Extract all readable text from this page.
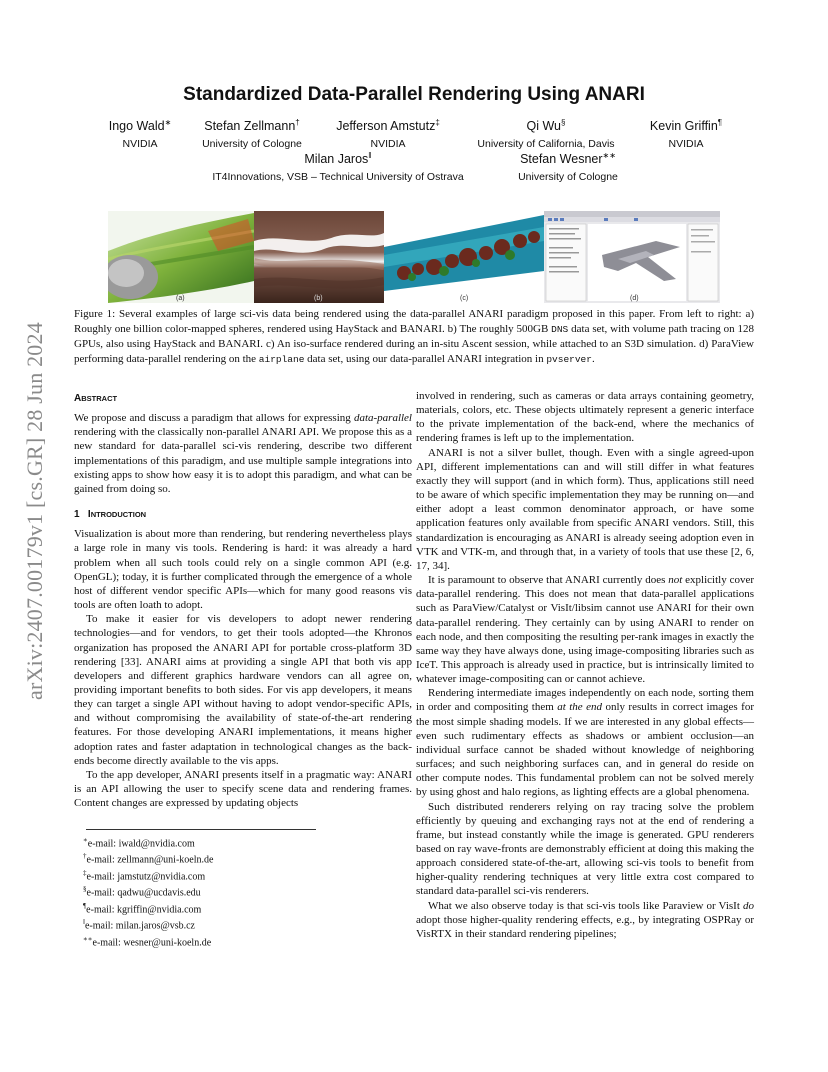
arXiv:2407.00179v1 [cs.GR] 28 Jun 2024
Standardized Data-Parallel Rendering Using ANARI
Ingo Wald∗
NVIDIA
Stefan Zellmann†
University of Cologne
Jefferson Amstutz‡
NVIDIA
Qi Wu§
University of California, Davis
Kevin Griffin¶
NVIDIA
Milan Jaros‖
IT4Innovations, VSB – Technical University of Ostrava
Stefan Wesner∗∗
University of Cologne
(a)	(b)	(c)	(d)
Figure 1: Several examples of large sci-vis data being rendered using the data-parallel ANARI paradigm proposed in this paper. From left to right: a) Roughly one billion color-mapped spheres, rendered using HayStack and BANARI. b) The roughly 500GB DNS data set, with volume path tracing on 128 GPUs, also using HayStack and BANARI. c) An iso-surface rendered during an in-situ Ascent session, while attached to an S3D simulation. d) ParaView performing data-parallel rendering on the airplane data set, using our data-parallel ANARI integration in pvserver.
ABSTRACT

We propose and discuss a paradigm that allows for expressing data-parallel rendering with the classically non-parallel ANARI API. We propose this as a new standard for data-parallel sci-vis rendering, describe two different implementations of this paradigm, and use multiple sample integrations into existing apps to show how easy it is to adopt this paradigm, and what can be gained from doing so.

1 INTRODUCTION

Visualization is about more than rendering, but rendering nevertheless plays a large role in many vis tools. Rendering is hard: it was already a hard problem when all such tools could rely on a single common API (e.g. OpenGL); today, it is further complicated through the emergence of a whole host of different vendor specific APIs—which for many good reasons vis tools are often loath to adopt.

To make it easier for vis developers to adopt newer rendering technologies—and for vendors, to get their tools adopted—the Khronos organization has proposed the ANARI API for portable cross-platform 3D rendering [33]. ANARI aims at providing a single API that both vis app developers and different graphics hardware vendors can all agree on, providing important benefits to both sides. For vis app developers, it means they can target a single API without having to adopt vendor-specific APIs, and without compromising the availability of state-of-the-art rendering features. For those developing ANARI implementations, it means higher adoption rates and faster adaptation in technological changes as the back-ends become directly available to the vis apps.

To the app developer, ANARI presents itself in a pragmatic way: ANARI is an API allowing the user to specify scene data and rendering frames. Content changes are expressed by updating objects

∗e-mail: iwald@nvidia.com
†e-mail: zellmann@uni-koeln.de
‡e-mail: jamstutz@nvidia.com
§e-mail: qadwu@ucdavis.edu
¶e-mail: kgriffin@nvidia.com
‖e-mail: milan.jaros@vsb.cz
∗∗e-mail: wesner@uni-koeln.de

involved in rendering, such as cameras or data arrays containing geometry, materials, colors, etc. These objects ultimately represent a generic interface to the private implementation of the back-end, where the mechanics of rendering frames is left up to the implementation.

ANARI is not a silver bullet, though. Even with a single agreed-upon API, different implementations can and will still differ in what features exactly they will support (and in which form). Thus, applications still need to be aware of which specific implementation they may be running on—and either adopt a least common denominator approach, or have some application features only available from specific ANARI vendors. Still, this standardization is encouraging as ANARI is already seeing adoption even in VTK and VTK-m, and through that, in a variety of tools that use these [2, 6, 17, 34].

It is paramount to observe that ANARI currently does not explicitly cover data-parallel rendering. This does not mean that data-parallel applications such as ParaView/Catalyst or VisIt/libsim cannot use ANARI for their own data-parallel rendering. They certainly can by using ANARI to render on each node, and then compositing the resulting per-rank images in exactly the same way they have always done, using image-compositing libraries such as IceT. This approach is already used in practice, but is intrinsically limited to whatever image-compositing can or cannot achieve.

Rendering intermediate images independently on each node, sorting them in order and compositing them at the end only results in correct images for the most simple shading models. If we are interested in any global effects—even such rudimentary effects as shadows or ambient occlusion—an individual surface cannot be shaded without knowledge of neighboring surfaces; and such neighboring surfaces can, and in general do reside on other compute nodes. This fundamental problem can not be solved merely by using ghost and halo regions, as lighting effects are a global phenomena.

Such distributed renderers relying on ray tracing solve the problem efficiently by queuing and exchanging rays not at the end of rendering a frame, but instead constantly while the image is generated. GPU renderers based on ray wave-fronts are demonstrably efficient at doing this making the approach considered state-of-the-art, allowing sci-vis tools to benefit from higher-quality rendering techniques at very little extra cost compared to standard data-parallel sci-vis renderers.

What we also observe today is that sci-vis tools like Paraview or VisIt do adopt those higher-quality rendering effects, e.g., by integrating OSPRay or VisRTX in their standard rendering pipelines;
